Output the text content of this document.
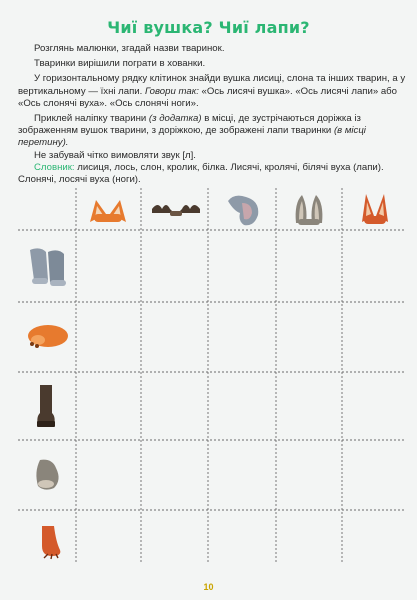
Чиї вушка? Чиї лапи?

Розглянь малюнки, згадай назви тваринок.

Тваринки вирішили пограти в хованки.

У горизонтальному рядку клітинок знайди вушка лисиці, слона та інших тварин, а у вертикальному — їхні лапи. Говори так: «Ось лисячі вушка». «Ось лисячі лапи» або «Ось слонячі вуха». «Ось слонячі ноги».

Приклей наліпку тварини (з додатка) в місці, де зустрічаються доріжка із зображенням вушок тварини, з доріжкою, де зображені лапи тваринки (в місці перетину).

Не забувай чітко вимовляти звук [л].

Словник: лисиця, лось, слон, кролик, білка. Лисячі, кролячі, білячі вуха (лапи). Слонячі, лосячі вуха (ноги).

10
